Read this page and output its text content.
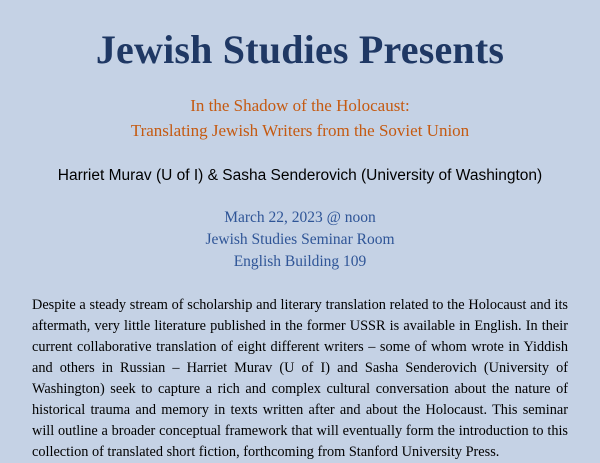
Jewish Studies Presents
In the Shadow of the Holocaust:
Translating Jewish Writers from the Soviet Union
Harriet Murav (U of I) & Sasha Senderovich (University of Washington)
March 22, 2023 @ noon
Jewish Studies Seminar Room
English Building 109

Despite a steady stream of scholarship and literary translation related to the Holocaust and its aftermath, very little literature published in the former USSR is available in English. In their current collaborative translation of eight different writers – some of whom wrote in Yiddish and others in Russian – Harriet Murav (U of I) and Sasha Senderovich (University of Washington) seek to capture a rich and complex cultural conversation about the nature of historical trauma and memory in texts written after and about the Holocaust. This seminar will outline a broader conceptual framework that will eventually form the introduction to this collection of translated short fiction, forthcoming from Stanford University Press.
